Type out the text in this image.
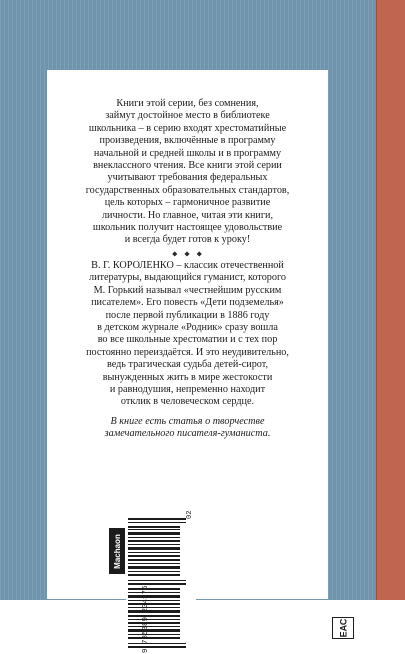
Книги этой серии, без сомнения,
займут достойное место в библиотеке
школьника – в серию входят хрестоматийные
произведения, включённые в программу
начальной и средней школы и в программу
внеклассного чтения. Все книги этой серии
учитывают требования федеральных
государственных образовательных стандартов,
цель которых – гармоничное развитие
личности. Но главное, читая эти книги,
школьник получит настоящее удовольствие
и всегда будет готов к уроку!
⬥⬥⬥
В. Г. КОРОЛЕНКО – классик отечественной
литературы, выдающийся гуманист, которого
М. Горький называл «честнейшим русским
писателем». Его повесть «Дети подземелья»
после первой публикации в 1886 году
в детском журнале «Родник» сразу вошла
во все школьные хрестоматии и с тех пор
постоянно переиздаётся. И это неудивительно,
ведь трагическая судьба детей-сирот,
вынужденных жить в мире жестокости
и равнодушия, непременно находит
отклик в человеческом сердце.
В книге есть статья о творчестве
замечательного писателя-гуманиста.
Machaon
9 785389 234176
02
ЕАС
